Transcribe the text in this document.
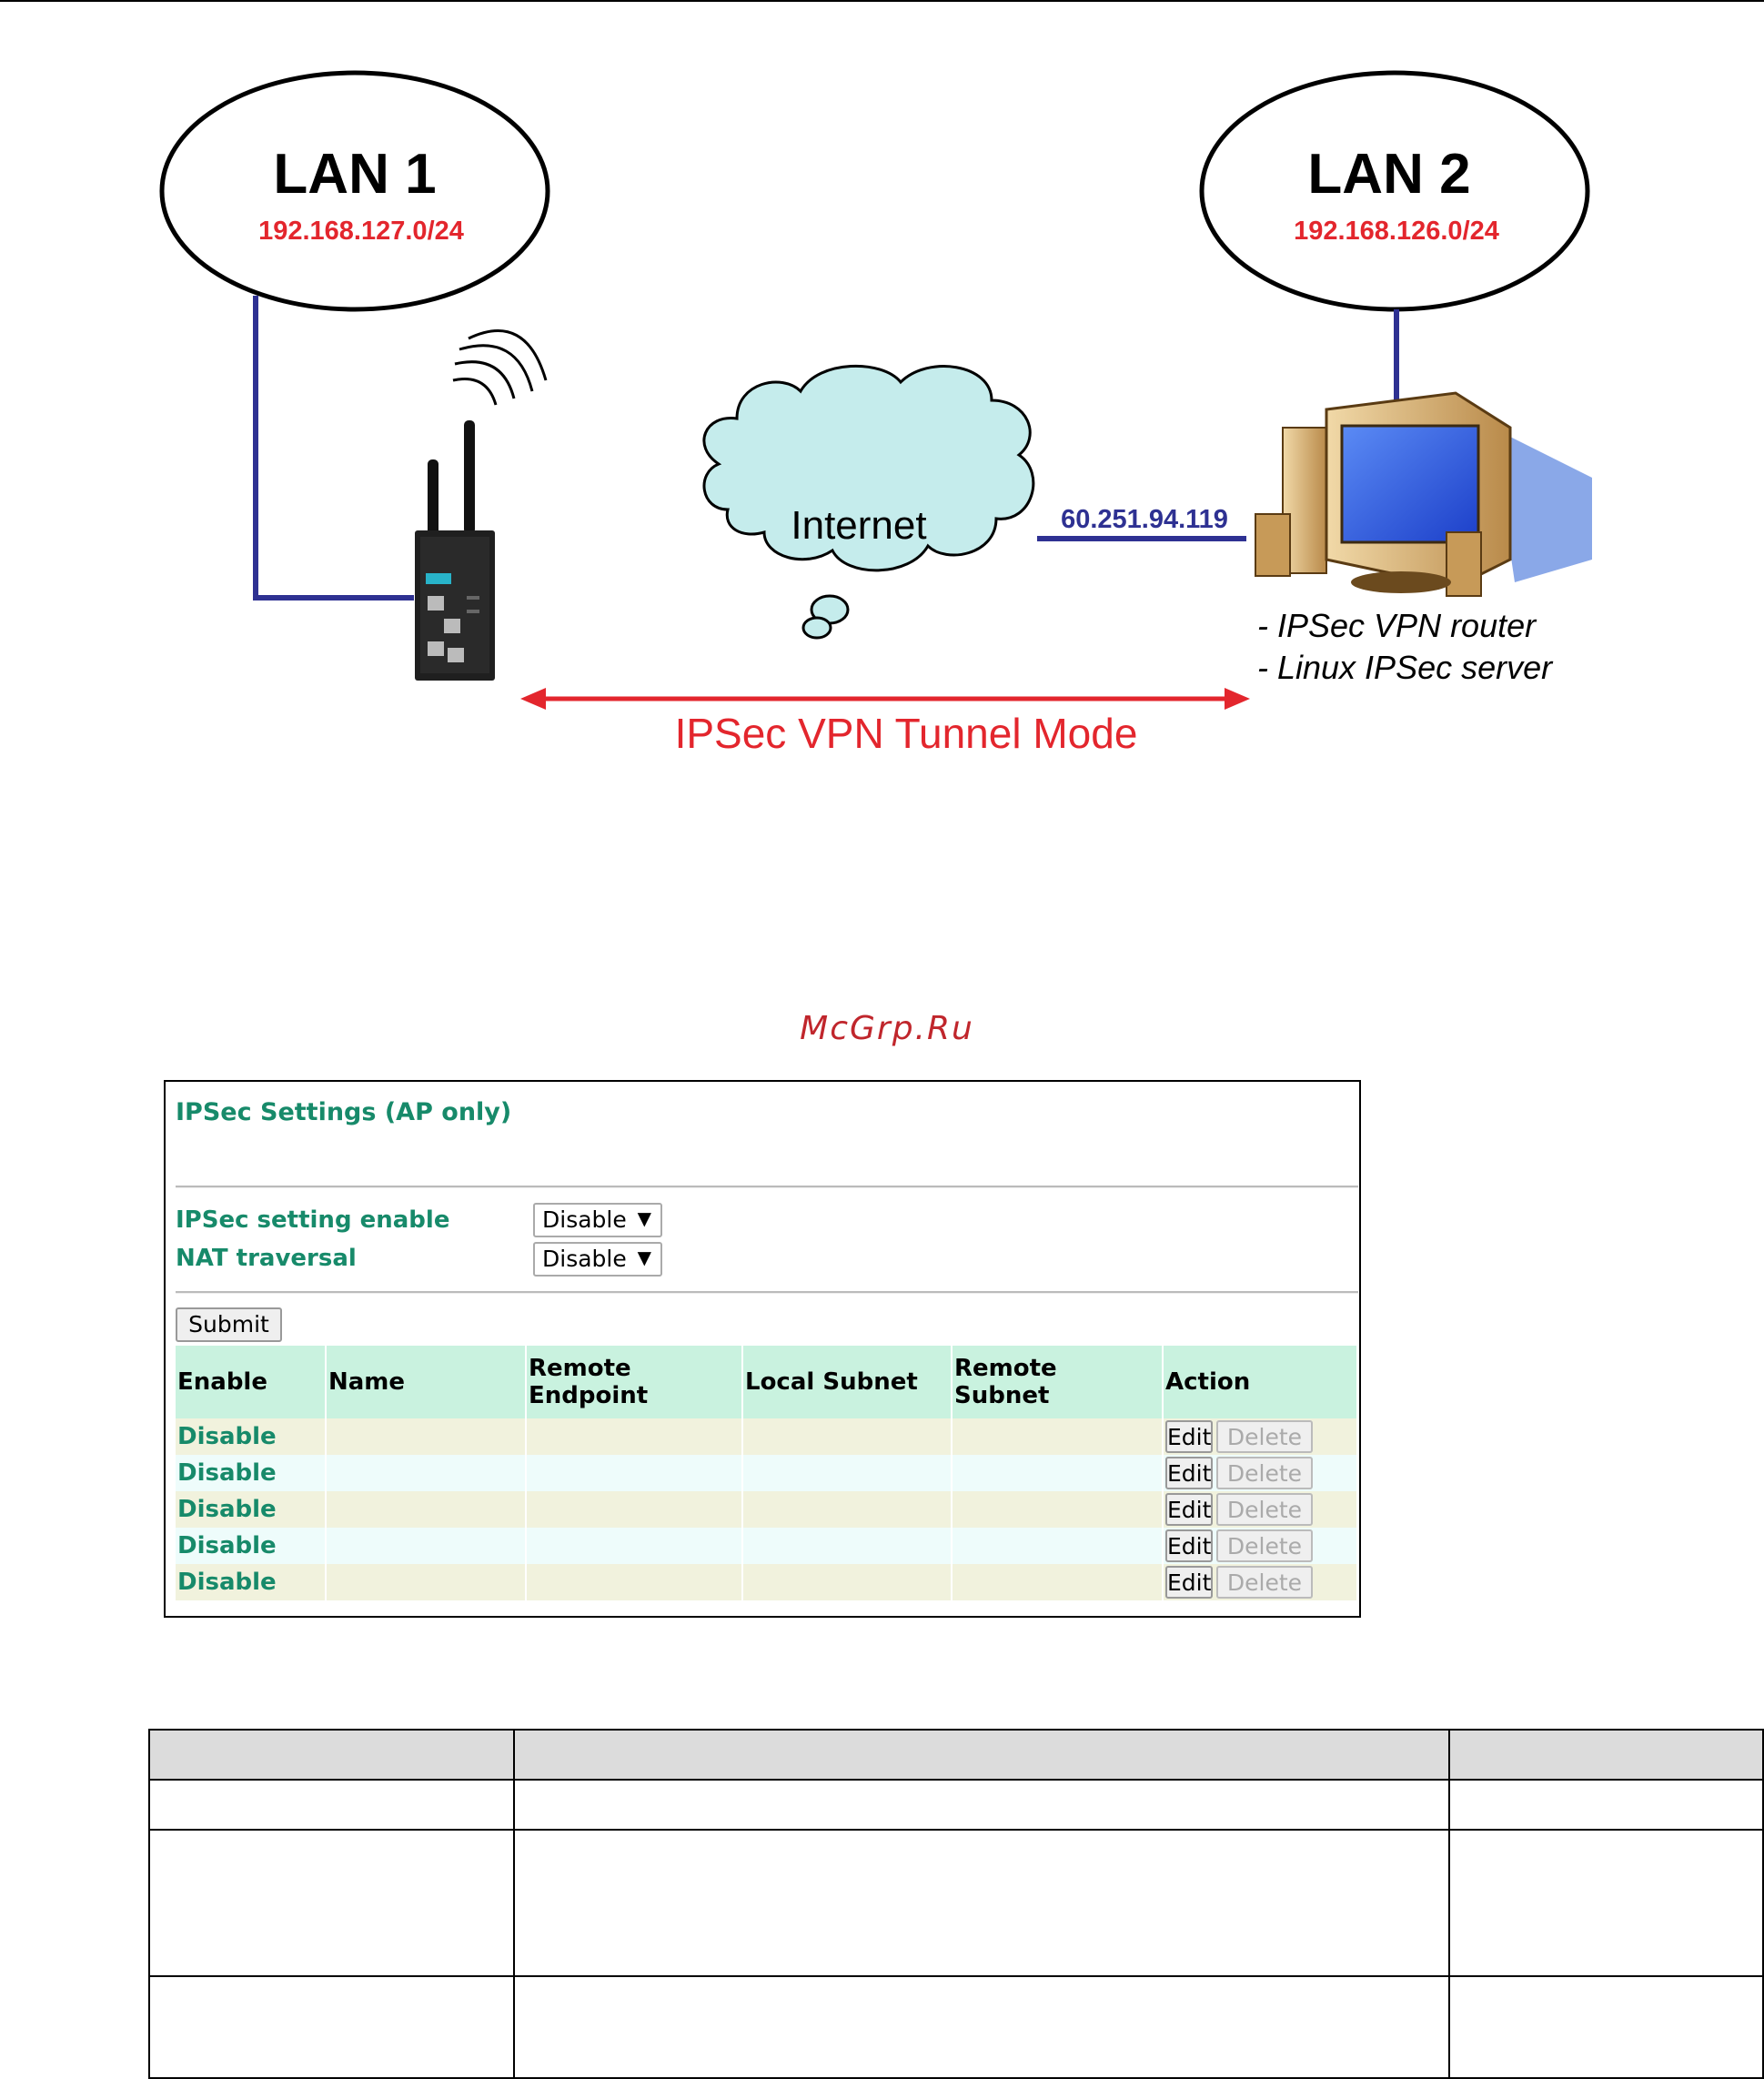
LAN 1
192.168.127.0/24
LAN 2
192.168.126.0/24
Internet	60.251.94.119
- IPSec VPN router
- Linux IPSec server
IPSec VPN Tunnel Mode
McGrp.Ru
IPSec Settings (AP only)
IPSec setting enable	Disable ▼
NAT traversal	Disable ▼
Submit
Enable	Name	Remote Endpoint	Local Subnet	Remote Subnet	Action
Disable					Edit Delete
Disable					Edit Delete
Disable					Edit Delete
Disable					Edit Delete
Disable					Edit Delete
